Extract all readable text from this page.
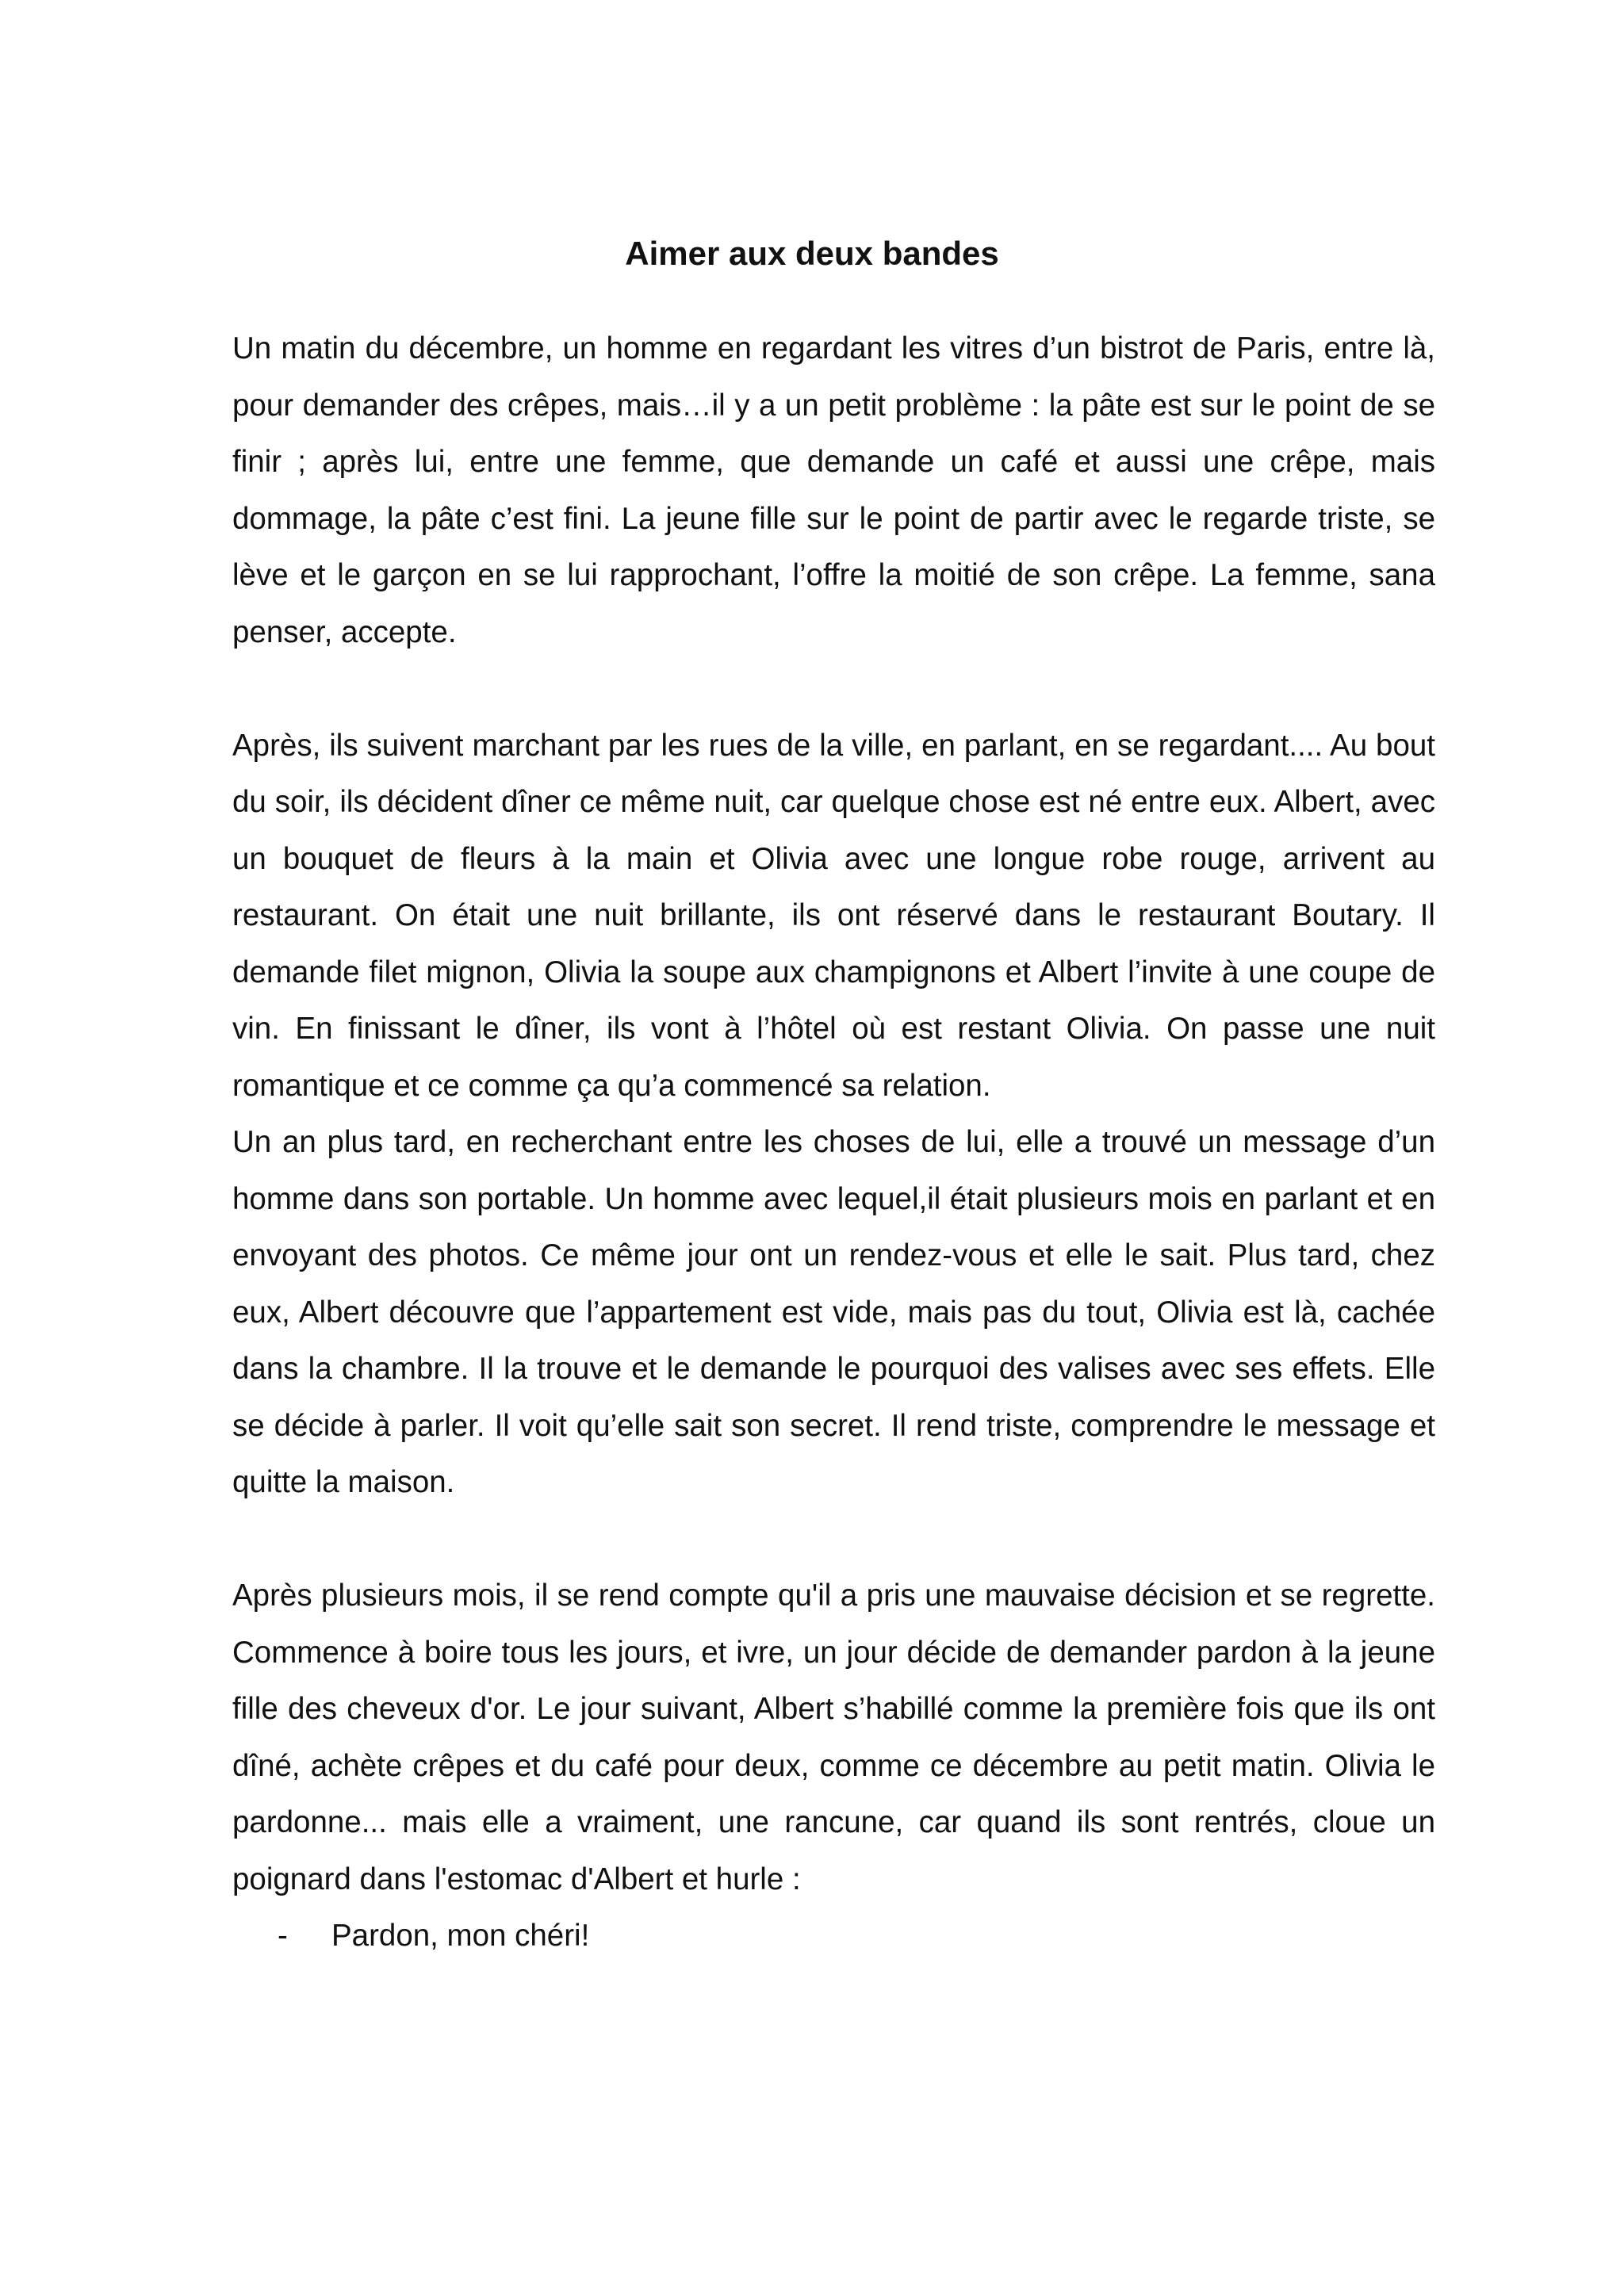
Aimer aux deux bandes

Un matin du décembre, un homme en regardant les vitres d’un bistrot de Paris, entre là, pour demander des crêpes, mais…il y a un petit problème : la pâte est sur le point de se finir ; après lui, entre une femme, que demande un café et aussi une crêpe, mais dommage, la pâte c’est fini. La jeune fille sur le point de partir avec le regarde triste, se lève et le garçon en se lui rapprochant, l’offre la moitié de son crêpe. La femme, sana penser, accepte.

Après, ils suivent marchant par les rues de la ville, en parlant, en se regardant.... Au bout du soir, ils décident dîner ce même nuit, car quelque chose est né entre eux. Albert, avec un bouquet de fleurs à la main et Olivia avec une longue robe rouge, arrivent au restaurant. On était une nuit brillante, ils ont réservé dans le restaurant Boutary. Il demande filet mignon, Olivia la soupe aux champignons et Albert l’invite à une coupe de vin. En finissant le dîner, ils vont à l’hôtel où est restant Olivia. On passe une nuit romantique et ce comme ça qu’a commencé sa relation.

Un an plus tard, en recherchant entre les choses de lui, elle a trouvé un message d’un homme dans son portable. Un homme avec lequel,il était plusieurs mois en parlant et en envoyant des photos. Ce même jour ont un rendez-vous et elle le sait. Plus tard, chez eux, Albert découvre que l’appartement est vide, mais pas du tout, Olivia est là, cachée dans la chambre. Il la trouve et le demande le pourquoi des valises avec ses effets. Elle se décide à parler. Il voit qu’elle sait son secret. Il rend triste, comprendre le message et quitte la maison.

Après plusieurs mois, il se rend compte qu'il a pris une mauvaise décision et se regrette. Commence à boire tous les jours, et ivre, un jour décide de demander pardon à la jeune fille des cheveux d'or. Le jour suivant, Albert s’habillé comme la première fois que ils ont dîné, achète crêpes et du café pour deux, comme ce décembre au petit matin. Olivia le pardonne... mais elle a vraiment, une rancune, car quand ils sont rentrés, cloue un poignard dans l'estomac d'Albert et hurle :

-	Pardon, mon chéri!
